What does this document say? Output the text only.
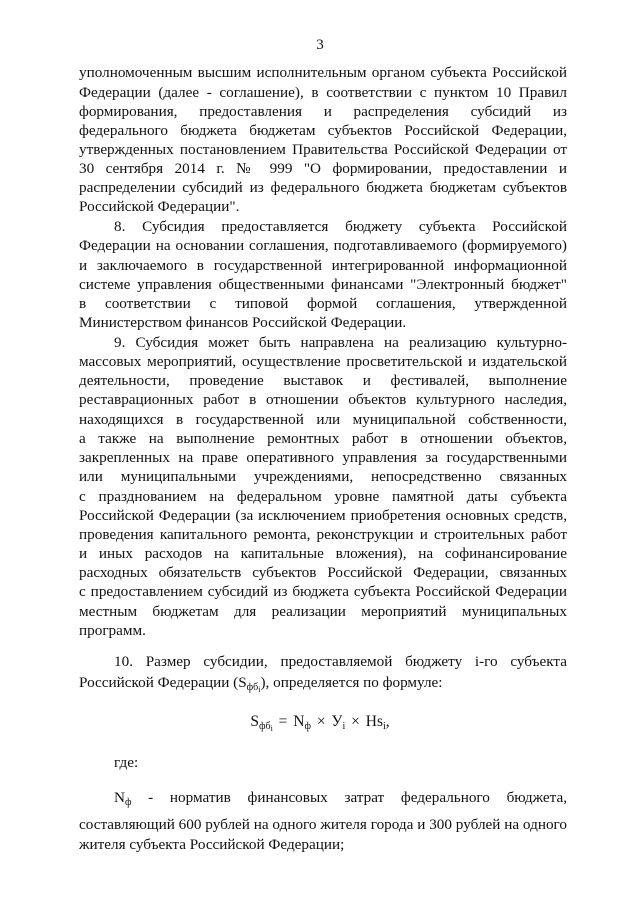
3
уполномоченным высшим исполнительным органом субъекта Российской
Федерации (далее - соглашение), в соответствии с пунктом 10 Правил
формирования, предоставления и распределения субсидий из
федерального бюджета бюджетам субъектов Российской Федерации,
утвержденных постановлением Правительства Российской Федерации от
30 сентября 2014 г. № 999 "О формировании, предоставлении и
распределении субсидий из федерального бюджета бюджетам субъектов
Российской Федерации".
8. Субсидия предоставляется бюджету субъекта Российской
Федерации на основании соглашения, подготавливаемого (формируемого)
и заключаемого в государственной интегрированной информационной
системе управления общественными финансами "Электронный бюджет"
в соответствии с типовой формой соглашения, утвержденной
Министерством финансов Российской Федерации.
9. Субсидия может быть направлена на реализацию культурно-
массовых мероприятий, осуществление просветительской и издательской
деятельности, проведение выставок и фестивалей, выполнение
реставрационных работ в отношении объектов культурного наследия,
находящихся в государственной или муниципальной собственности,
а также на выполнение ремонтных работ в отношении объектов,
закрепленных на праве оперативного управления за государственными
или муниципальными учреждениями, непосредственно связанных
с празднованием на федеральном уровне памятной даты субъекта
Российской Федерации (за исключением приобретения основных средств,
проведения капитального ремонта, реконструкции и строительных работ
и иных расходов на капитальные вложения), на софинансирование
расходных обязательств субъектов Российской Федерации, связанных
с предоставлением субсидий из бюджета субъекта Российской Федерации
местным бюджетам для реализации мероприятий муниципальных
программ.
10. Размер субсидии, предоставляемой бюджету i-го субъекта
Российской Федерации $(S_{фб_i})$, определяется по формуле:
$S_{фб_i} = N_ф \times У_i \times Hs_i$,
где:
$N_ф$ - норматив финансовых затрат федерального бюджета,
составляющий 600 рублей на одного жителя города и 300 рублей на одного
жителя субъекта Российской Федерации;
